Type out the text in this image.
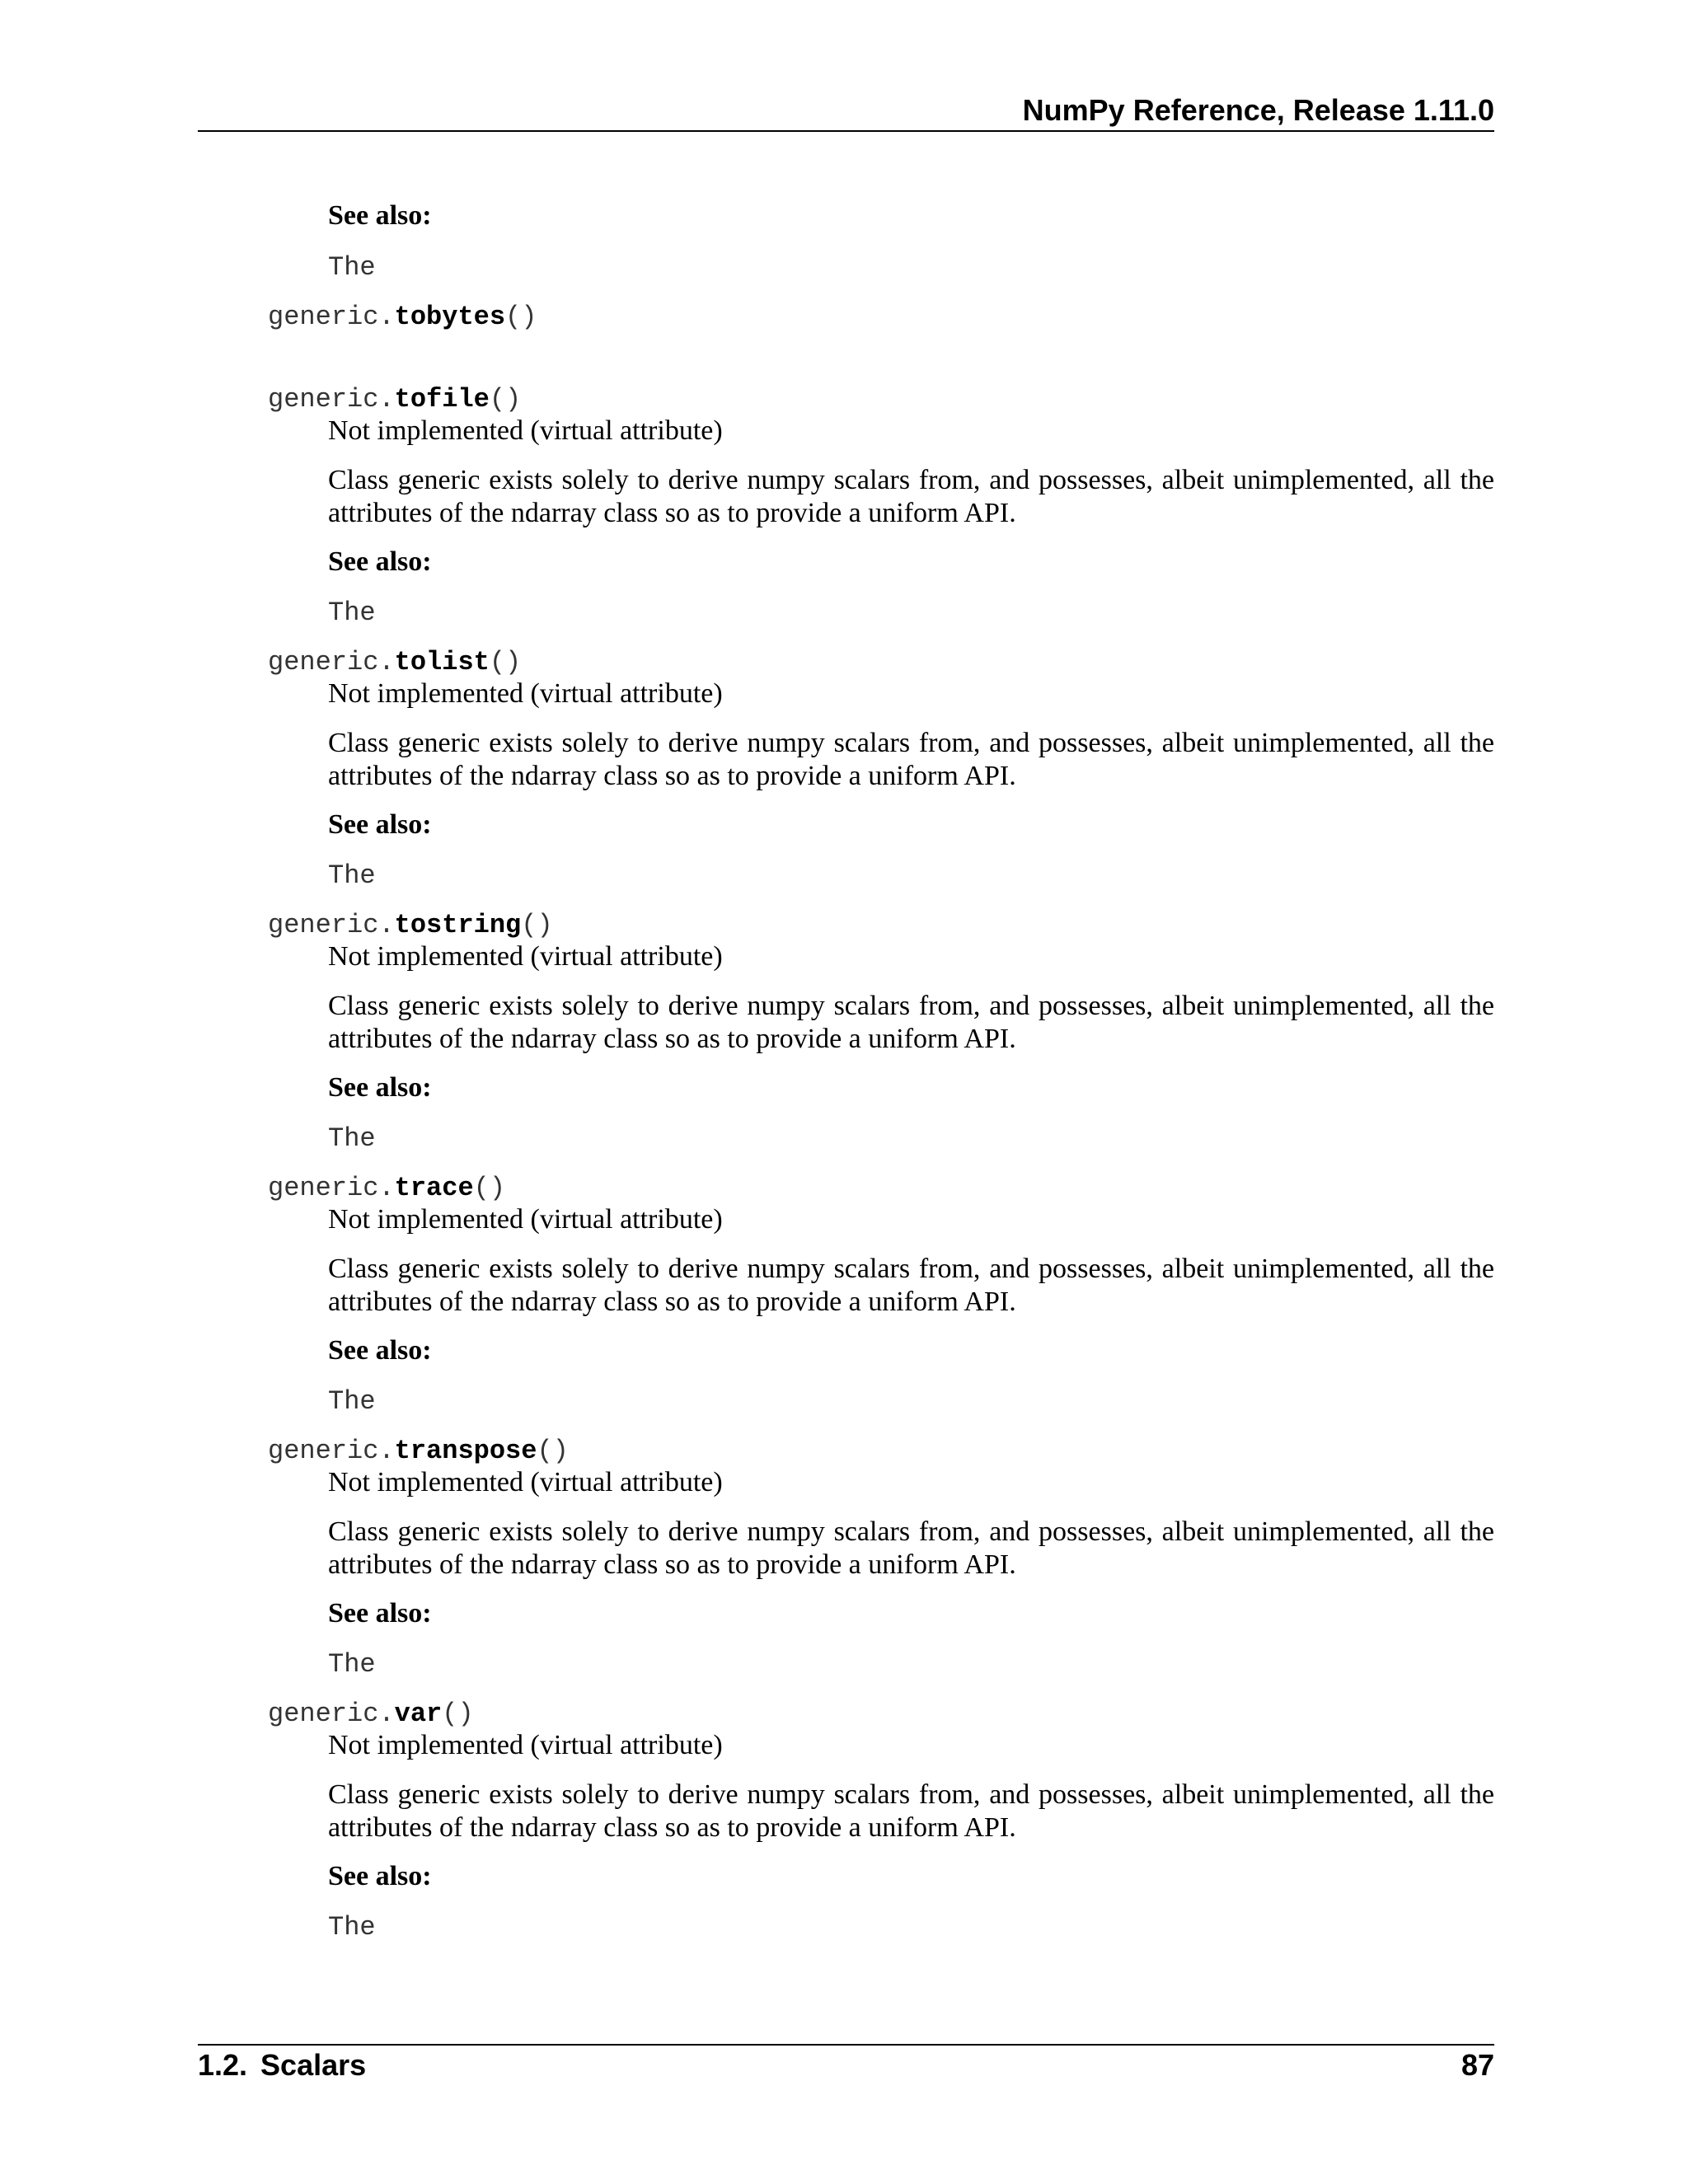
NumPy Reference, Release 1.11.0
See also:
The
generic.tobytes()
generic.tofile()
Not implemented (virtual attribute)
Class generic exists solely to derive numpy scalars from, and possesses, albeit unimplemented, all the attributes of the ndarray class so as to provide a uniform API.
See also:
The
generic.tolist()
Not implemented (virtual attribute)
Class generic exists solely to derive numpy scalars from, and possesses, albeit unimplemented, all the attributes of the ndarray class so as to provide a uniform API.
See also:
The
generic.tostring()
Not implemented (virtual attribute)
Class generic exists solely to derive numpy scalars from, and possesses, albeit unimplemented, all the attributes of the ndarray class so as to provide a uniform API.
See also:
The
generic.trace()
Not implemented (virtual attribute)
Class generic exists solely to derive numpy scalars from, and possesses, albeit unimplemented, all the attributes of the ndarray class so as to provide a uniform API.
See also:
The
generic.transpose()
Not implemented (virtual attribute)
Class generic exists solely to derive numpy scalars from, and possesses, albeit unimplemented, all the attributes of the ndarray class so as to provide a uniform API.
See also:
The
generic.var()
Not implemented (virtual attribute)
Class generic exists solely to derive numpy scalars from, and possesses, albeit unimplemented, all the attributes of the ndarray class so as to provide a uniform API.
See also:
The
1.2. Scalars	87
